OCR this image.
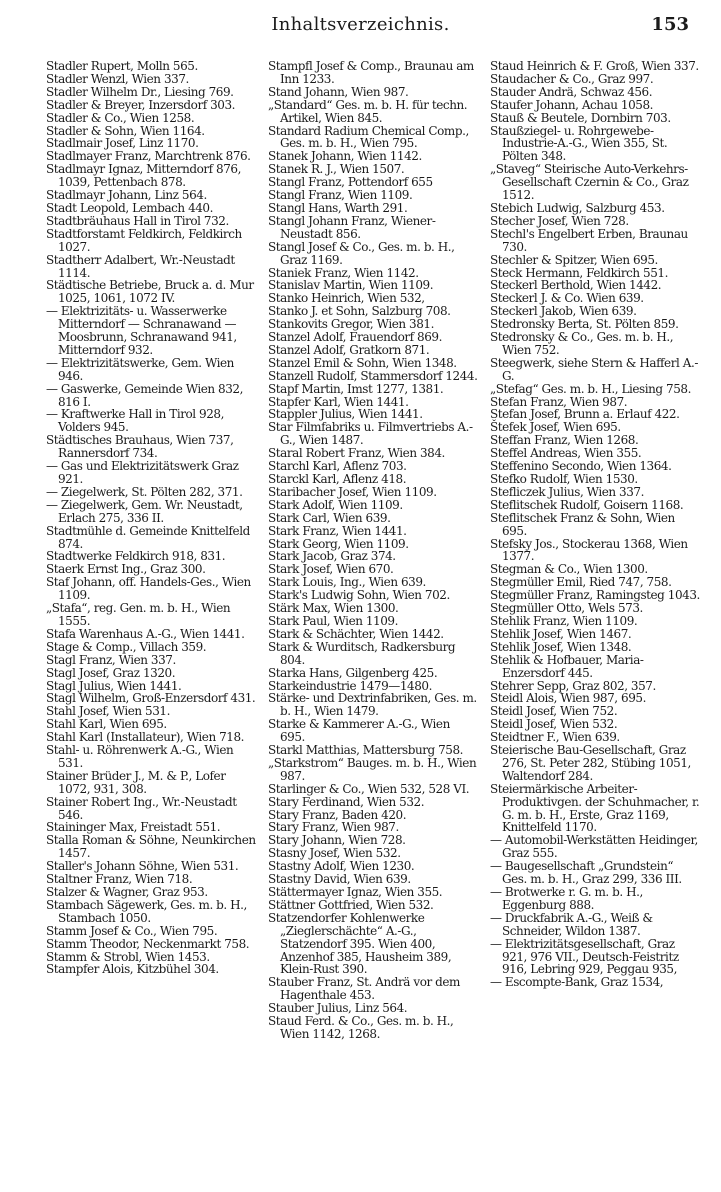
Inhaltsverzeichnis.	153

Stadler Rupert, Molln 565.

Stadler Wenzl, Wien 337.

Stadler Wilhelm Dr., Liesing 769.

Stadler & Breyer, Inzersdorf 303.

Stadler & Co., Wien 1258.

Stadler & Sohn, Wien 1164.

Stadlmair Josef, Linz 1170.

Stadlmayer Franz, Marchtrenk 876.

Stadlmayr Ignaz, Mitterndorf 876, 1039, Pettenbach 878.

Stadlmayr Johann, Linz 564.

Stadt Leopold, Lembach 440.

Stadtbräuhaus Hall in Tirol 732.

Stadtforstamt Feldkirch, Feldkirch 1027.

Stadtherr Adalbert, Wr.-Neustadt 1114.

Städtische Betriebe, Bruck a. d. Mur 1025, 1061, 1072 IV.

— Elektrizitäts- u. Wasserwerke Mitterndorf — Schranawand — Moosbrunn, Schranawand 941, Mitterndorf 932.

— Elektrizitätswerke, Gem. Wien 946.

— Gaswerke, Gemeinde Wien 832, 816 I.

— Kraftwerke Hall in Tirol 928, Volders 945.

Städtisches Brauhaus, Wien 737, Rannersdorf 734.

— Gas und Elektrizitätswerk Graz 921.

— Ziegelwerk, St. Pölten 282, 371.

— Ziegelwerk, Gem. Wr. Neustadt, Erlach 275, 336 II.

Stadtmühle d. Gemeinde Knittelfeld 874.

Stadtwerke Feldkirch 918, 831.

Staerk Ernst Ing., Graz 300.

Staf Johann, off. Handels-Ges., Wien 1109.

„Stafa“, reg. Gen. m. b. H., Wien 1555.

Stafa Warenhaus A.-G., Wien 1441.

Stage & Comp., Villach 359.

Stagl Franz, Wien 337.

Stagl Josef, Graz 1320.

Stagl Julius, Wien 1441.

Stagl Wilhelm, Groß-Enzersdorf 431.

Stahl Josef, Wien 531.

Stahl Karl, Wien 695.

Stahl Karl (Installateur), Wien 718.

Stahl- u. Röhrenwerk A.-G., Wien 531.

Stainer Brüder J., M. & P., Lofer 1072, 931, 308.

Stainer Robert Ing., Wr.-Neustadt 546.

Staininger Max, Freistadt 551.

Stalla Roman & Söhne, Neunkirchen 1457.

Staller's Johann Söhne, Wien 531.

Staltner Franz, Wien 718.

Stalzer & Wagner, Graz 953.

Stambach Sägewerk, Ges. m. b. H., Stambach 1050.

Stamm Josef & Co., Wien 795.

Stamm Theodor, Neckenmarkt 758.

Stamm & Strobl, Wien 1453.

Stampfer Alois, Kitzbühel 304.

Stampfl Josef & Comp., Braunau am Inn 1233.

Stand Johann, Wien 987.

„Standard“ Ges. m. b. H. für techn. Artikel, Wien 845.

Standard Radium Chemical Comp., Ges. m. b. H., Wien 795.

Stanek Johann, Wien 1142.

Stanek R. J., Wien 1507.

Stangl Franz, Pottendorf 655

Stangl Franz, Wien 1109.

Stangl Hans, Warth 291.

Stangl Johann Franz, Wiener-Neustadt 856.

Stangl Josef & Co., Ges. m. b. H., Graz 1169.

Staniek Franz, Wien 1142.

Stanislav Martin, Wien 1109.

Stanko Heinrich, Wien 532,

Stanko J. et Sohn, Salzburg 708.

Stankovits Gregor, Wien 381.

Stanzel Adolf, Frauendorf 869.

Stanzel Adolf, Gratkorn 871.

Stanzel Emil & Sohn, Wien 1348.

Stanzell Rudolf, Stammersdorf 1244.

Stapf Martin, Imst 1277, 1381.

Stapfer Karl, Wien 1441.

Stappler Julius, Wien 1441.

Star Filmfabriks u. Filmvertriebs A.-G., Wien 1487.

Staral Robert Franz, Wien 384.

Starchl Karl, Aflenz 703.

Starckl Karl, Aflenz 418.

Staribacher Josef, Wien 1109.

Stark Adolf, Wien 1109.

Stark Carl, Wien 639.

Stark Franz, Wien 1441.

Stark Georg, Wien 1109.

Stark Jacob, Graz 374.

Stark Josef, Wien 670.

Stark Louis, Ing., Wien 639.

Stark's Ludwig Sohn, Wien 702.

Stärk Max, Wien 1300.

Stark Paul, Wien 1109.

Stark & Schächter, Wien 1442.

Stark & Wurditsch, Radkersburg 804.

Starka Hans, Gilgenberg 425.

Starkeindustrie 1479—1480.

Stärke- und Dextrinfabriken, Ges. m. b. H., Wien 1479.

Starke & Kammerer A.-G., Wien 695.

Starkl Matthias, Mattersburg 758.

„Starkstrom“ Bauges. m. b. H., Wien 987.

Starlinger & Co., Wien 532, 528 VI.

Stary Ferdinand, Wien 532.

Stary Franz, Baden 420.

Stary Franz, Wien 987.

Stary Johann, Wien 728.

Stasny Josef, Wien 532.

Stastny Adolf, Wien 1230.

Stastny David, Wien 639.

Stättermayer Ignaz, Wien 355.

Stättner Gottfried, Wien 532.

Statzendorfer Kohlenwerke „Zieglerschächte“ A.-G., Statzendorf 395. Wien 400, Anzenhof 385, Hausheim 389, Klein-Rust 390.

Stauber Franz, St. Andrä vor dem Hagenthale 453.

Stauber Julius, Linz 564.

Staud Ferd. & Co., Ges. m. b. H., Wien 1142, 1268.

Staud Heinrich & F. Groß, Wien 337.

Staudacher & Co., Graz 997.

Stauder Andrä, Schwaz 456.

Staufer Johann, Achau 1058.

Stauß & Beutele, Dornbirn 703.

Staußziegel- u. Rohrgewebe-Industrie-A.-G., Wien 355, St. Pölten 348.

„Staveg“ Steirische Auto-Verkehrs-Gesellschaft Czernin & Co., Graz 1512.

Stebich Ludwig, Salzburg 453.

Stecher Josef, Wien 728.

Stechl's Engelbert Erben, Braunau 730.

Stechler & Spitzer, Wien 695.

Steck Hermann, Feldkirch 551.

Steckerl Berthold, Wien 1442.

Steckerl J. & Co. Wien 639.

Steckerl Jakob, Wien 639.

Stedronsky Berta, St. Pölten 859.

Stedronsky & Co., Ges. m. b. H., Wien 752.

Steegwerk, siehe Stern & Hafferl A.-G.

„Stefag“ Ges. m. b. H., Liesing 758.

Stefan Franz, Wien 987.

Stefan Josef, Brunn a. Erlauf 422.

Štefek Josef, Wien 695.

Steffan Franz, Wien 1268.

Steffel Andreas, Wien 355.

Steffenino Secondo, Wien 1364.

Stefko Rudolf, Wien 1530.

Stefliczek Julius, Wien 337.

Steflitschek Rudolf, Goisern 1168.

Steflitschek Franz & Sohn, Wien 695.

Stefsky Jos., Stockerau 1368, Wien 1377.

Stegman & Co., Wien 1300.

Stegmüller Emil, Ried 747, 758.

Stegmüller Franz, Ramingsteg 1043.

Stegmüller Otto, Wels 573.

Stehlik Franz, Wien 1109.

Stehlik Josef, Wien 1467.

Stehlik Josef, Wien 1348.

Stehlik & Hofbauer, Maria-Enzersdorf 445.

Stehrer Sepp, Graz 802, 357.

Steidl Alois, Wien 987, 695.

Steidl Josef, Wien 752.

Steidl Josef, Wien 532.

Steidtner F., Wien 639.

Steierische Bau-Gesellschaft, Graz 276, St. Peter 282, Stübing 1051, Waltendorf 284.

Steiermärkische Arbeiter-Produktivgen. der Schuhmacher, r. G. m. b. H., Erste, Graz 1169, Knittelfeld 1170.

— Automobil-Werkstätten Heidinger, Graz 555.

— Baugesellschaft „Grundstein“ Ges. m. b. H., Graz 299, 336 III.

— Brotwerke r. G. m. b. H., Eggenburg 888.

— Druckfabrik A.-G., Weiß & Schneider, Wildon 1387.

— Elektrizitätsgesellschaft, Graz 921, 976 VII., Deutsch-Feistritz 916, Lebring 929, Peggau 935,

— Escompte-Bank, Graz 1534,
